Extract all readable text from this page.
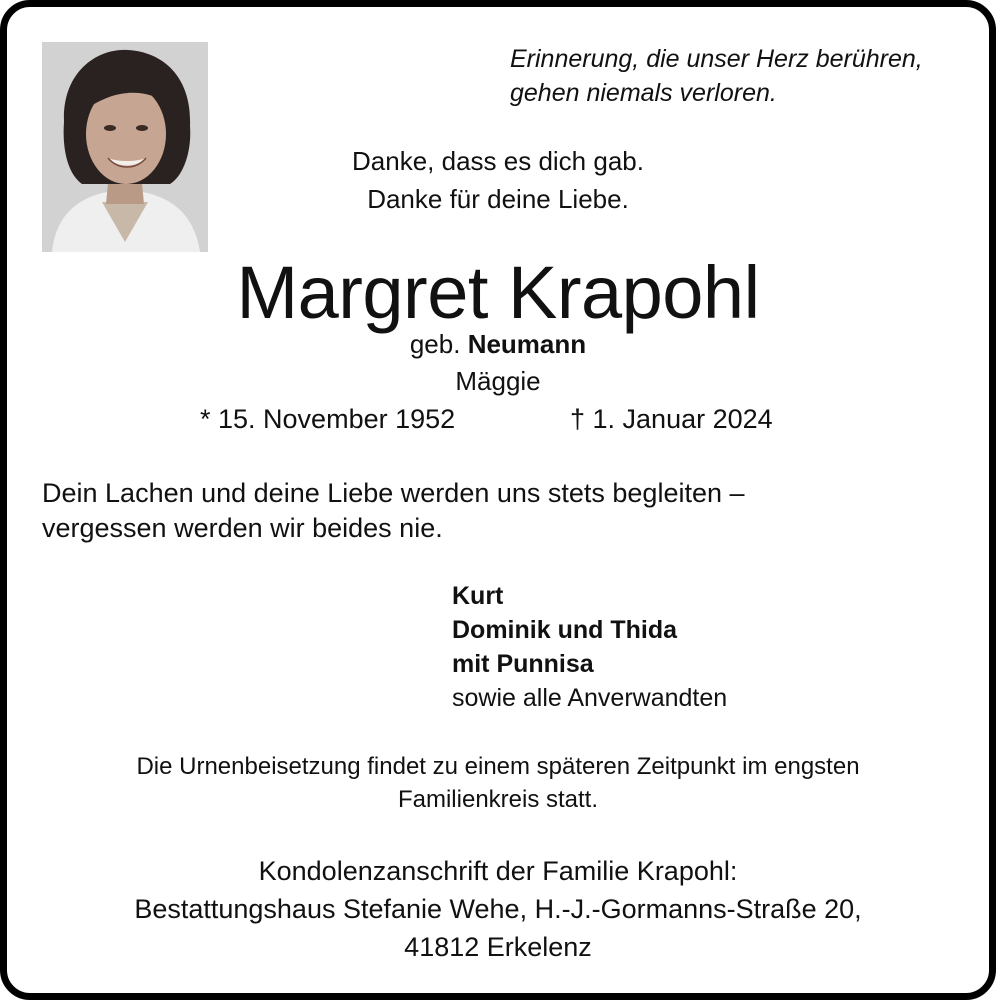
Erinnerung, die unser Herz berühren,
gehen niemals verloren.
Danke, dass es dich gab.
Danke für deine Liebe.
Margret Krapohl
geb. Neumann
Mäggie
* 15. November 1952	† 1. Januar 2024
Dein Lachen und deine Liebe werden uns stets begleiten –
vergessen werden wir beides nie.
Kurt
Dominik und Thida
mit Punnisa
sowie alle Anverwandten
Die Urnenbeisetzung findet zu einem späteren Zeitpunkt im engsten
Familienkreis statt.
Kondolenzanschrift der Familie Krapohl:
Bestattungshaus Stefanie Wehe, H.-J.-Gormanns-Straße 20,
41812 Erkelenz
